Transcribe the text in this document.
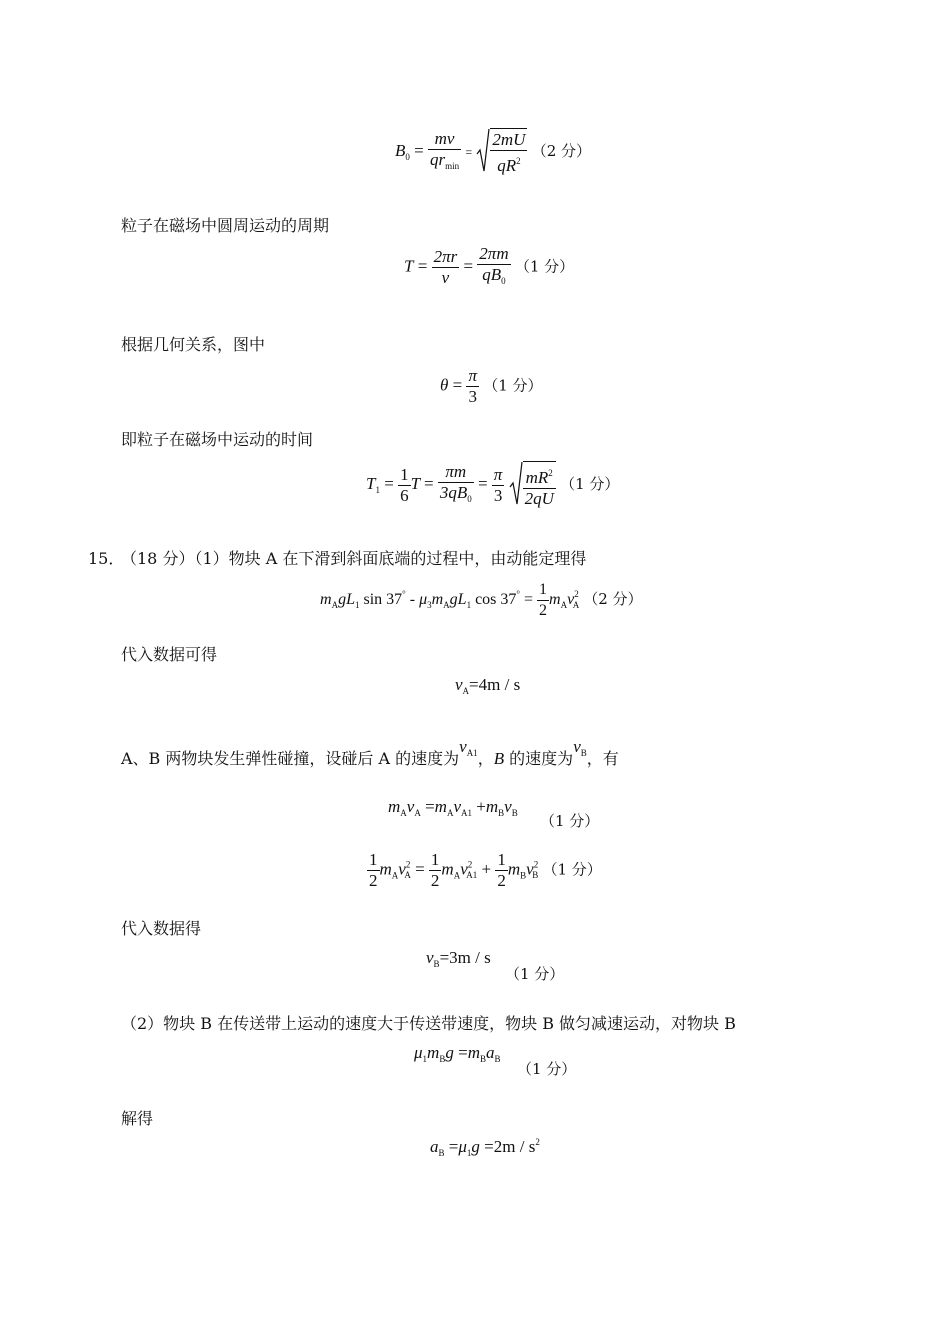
$B_0 = \frac{mv}{qr_{min}} = \frac{2mU}{qR^2} (2$ 分）
粒子在磁场中圆周运动的周期
$T = \frac{2\pi r}{v} = \frac{2\pi m}{qB_0} (1$ 分）
根据几何关系，图中
$\theta = \frac{\pi}{3} (1$ 分）
即粒子在磁场中运动的时间
$T_1 = \frac{1}{6}$ $T = \frac{\pi m}{3qB_0} = \frac{\pi}{3}$
$\frac{mR^2}{2qU} (1$ 分）
15．
（18 分）（1）物块 A 在下滑到斜面底端的过程中，由动能定理得
$m_AgL_1$ $\sin 37^\circ - \mu_3m_AgL_1$ $\cos 37^\circ = \frac{1}{2} m_Av^2_A$ （2 分）
代入数据可得
$v_A=4m / s$
A、B 两物块发生弹性碰撞，设碰后 A 的速度为$v_{A1}$，B 的速度为$v_B$，有
$m_Av_A =m_Av_{A1} +m_Bv_B$ （1 分）
$\frac{1}{2} m_Av^2_A = \frac{1}{2} m_Av^2_{A1} + \frac{1}{2} m_Bv^2_B$ （1 分）
代入数据得
$v_B=3m / s$
（1 分）
（2）物块 B 在传送带上运动的速度大于传送带速度，物块 B 做匀减速运动，对物块 B
$\mu_1m_Bg =m_Ba_B$
（1 分）
解得
$a_B =\mu_1g =2m / s^2$
